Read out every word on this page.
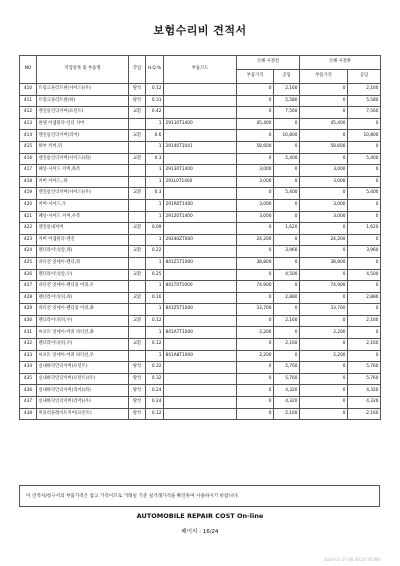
보험수리비 견적서
NO	작업항목 및 부품명	작업	H.Q.%	부품코드	손해 사정전		손해 사정후	
					부품가격	공임	부품가격	공임
410	트렁크플러트판(사이드)(우)	탈착	0.12		0	2,160	0	2,160
411	트렁크플러트판(하)	탈착	0.31		0	5,580	0	5,580
412	엔진룸언더커버(프런트)	교환	0.42		0	7,560	0	7,560
413	판넬 어셈블리-언더 커버		1	29110T1400	45,400	0	45,400	0
414	엔진룸언더커버(리어)	교환	0.6		0	10,800	0	10,800
415	하부 커버,뒤		1	29140T1041	58,600	0	58,600	0
416	엔진룸언더커버(사이드)(좌)	교환	0.3		0	5,400	0	5,400
417	패널-사이드 커버,좌측		1	29130T1400	3,000	0	3,000	0
418	커버 사이드, 좌		1	291L0T1400	3,000	0	3,000	0
419	엔진룸언더커버(사이드)(우)	교환	0.3		0	5,400	0	5,400
420	커버-사이드,우		1	291R0T1400	3,000	0	3,000	0
421	패널-사이드 커버,우측		1	29120T1400	3,000	0	3,000	0
422	엔진룸내커버	교환	0.09		0	1,620	0	1,620
423	커버 어셈블리-엔진		1	29240ZT000	24,200	0	24,200	0
424	펜더라이너(앞,좌)	교환	0.22		0	3,960	0	3,960
425	파티션 앗세이-펜더,좌		1	841Z1T1000	38,800	0	38,800	0
426	펜더라이너(앞,우)	교환	0.25		0	4,500	0	4,500
427	파티션 앗세이-펜더용 어퍼,우		1	841T0T1000	74,900	0	74,900	0
428	펜더라이너(뒤,좌)	교환	0.16		0	2,880	0	2,880
429	파티션 앗세이-펜더용 어퍼,좌		1	841Z5T1000	33,700	0	33,700	0
430	펜더라이너(뒤,우)	교환	0.12		0	2,160	0	2,160
431	씨포트 앗세이-어퍼 파티션,좌		1	841A7T1000	2,200	0	2,200	0
432	펜더라이너(뒤,우)	교환	0.12		0	2,160	0	2,160
433	씨포트 앗세이-어퍼 파티션,우		1	841A8T1000	2,200	0	2,200	0
434	실내바닥언더커버(프런트)	탈착	0.32		0	5,760	0	5,760
435	실내바닥언더커버(프런트)(우)	탈착	0.32		0	5,760	0	5,760
436	실내바닥언더커버(리어)(좌)	탈착	0.24		0	4,320	0	4,320
437	실내바닥언더커버(리어)(우)	탈착	0.24		0	4,320	0	4,320
438	머플러플레이트커버(프런트)	탈착	0.12		0	2,160	0	2,160
이 견적서/청구서의 부품가격은 참고 가격이므로 거래일 기준 실거래가격을 확인하여 사용하시기 바랍니다.
AUTOMOBILE REPAIR COST On-line
페이지 : 16/24
2024-01-17 06:30:20 Y0396
